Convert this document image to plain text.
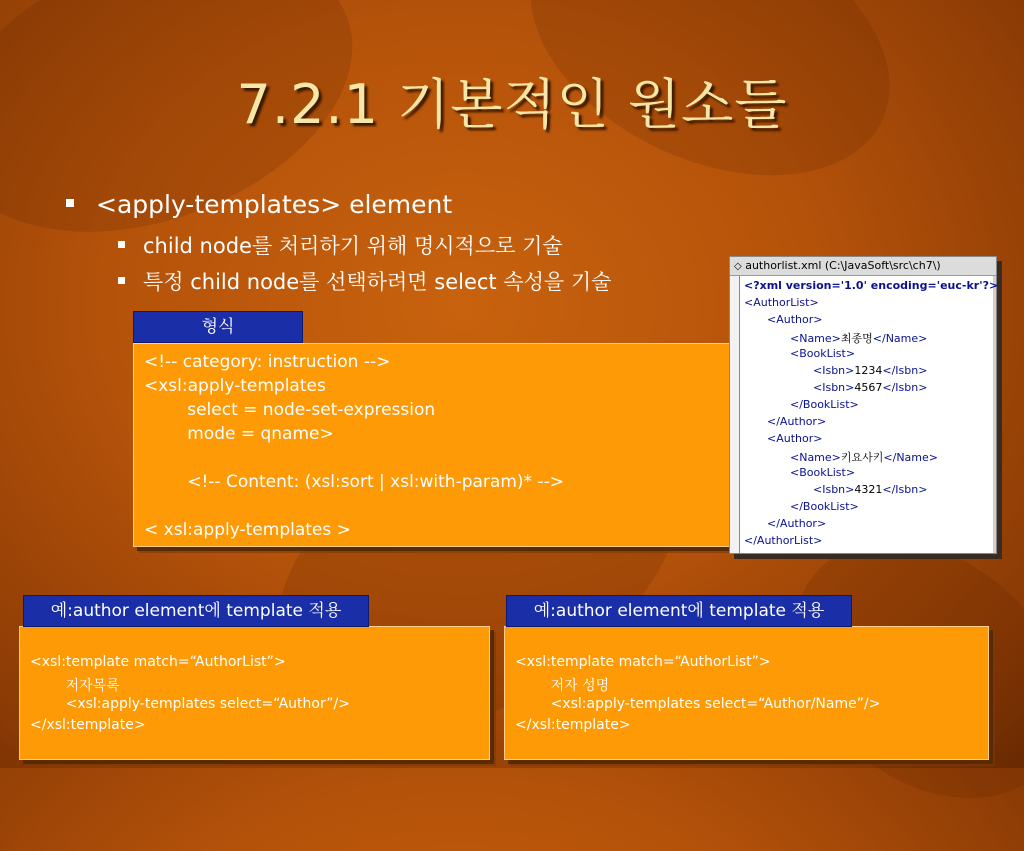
7.2.1 기본적인 원소들
<apply-templates> element
child node를 처리하기 위해 명시적으로 기술
특정 child node를 선택하려면 select 속성을 기술
<!-- category: instruction -->
<xsl:apply-templates
select = node-set-expression
mode = qname>
<!-- Content: (xsl:sort | xsl:with-param)* -->
< xsl:apply-templates >
형식
◇ authorlist.xml (C:\JavaSoft\src\ch7\)
<?xml version='1.0' encoding='euc-kr'?>
<AuthorList>
<Author>
<Name>최종명</Name>
<BookList>
<Isbn>1234</Isbn>
<Isbn>4567</Isbn>
</BookList>
</Author>
<Author>
<Name>키요사키</Name>
<BookList>
<Isbn>4321</Isbn>
</BookList>
</Author>
</AuthorList>
<xsl:template match=“AuthorList”>
저자목록
<xsl:apply-templates select=“Author”/>
</xsl:template>
예:author element에 template 적용
<xsl:template match=“AuthorList”>
저자 성명
<xsl:apply-templates select=“Author/Name”/>
</xsl:template>
예:author element에 template 적용
